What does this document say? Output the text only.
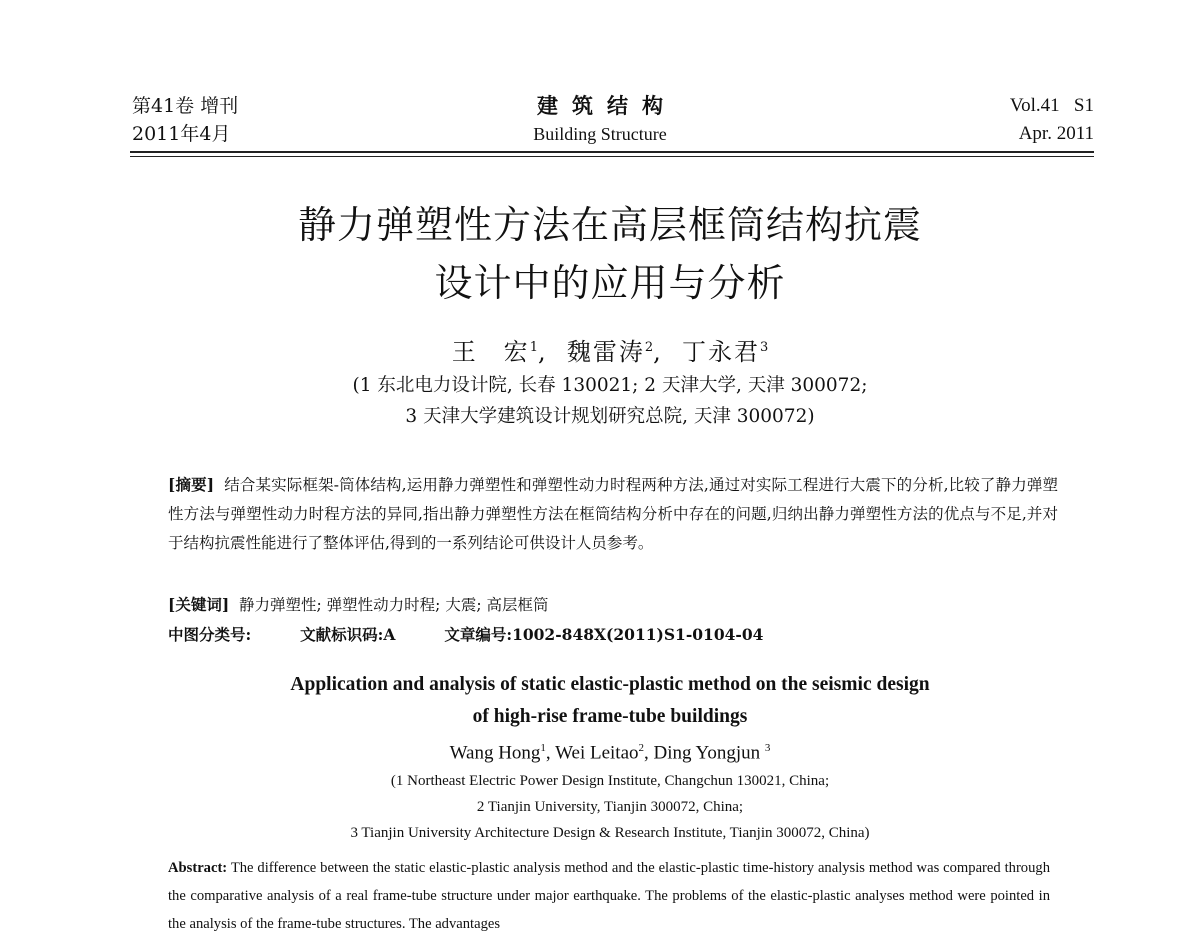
第41卷 增刊
2011年4月
建筑结构
Building Structure
Vol.41   S1
Apr. 2011
静力弹塑性方法在高层框筒结构抗震
设计中的应用与分析
王　宏$^1$,  魏雷涛$^2$,  丁永君$^3$
(1 东北电力设计院, 长春 130021; 2 天津大学, 天津 300072;
3 天津大学建筑设计规划研究总院, 天津 300072)
[摘要] 结合某实际框架-筒体结构,运用静力弹塑性和弹塑性动力时程两种方法,通过对实际工程进行大震下的分析,比较了静力弹塑性方法与弹塑性动力时程方法的异同,指出静力弹塑性方法在框筒结构分析中存在的问题,归纳出静力弹塑性方法的优点与不足,并对于结构抗震性能进行了整体评估,得到的一系列结论可供设计人员参考。
[关键词] 静力弹塑性; 弹塑性动力时程; 大震; 高层框筒
中图分类号:	文献标识码:A	文章编号:1002-848X(2011)S1-0104-04
Application and analysis of static elastic-plastic method on the seismic design
of high-rise frame-tube buildings
Wang Hong$^1$, Wei Leitao$^2$, Ding Yongjun $^3$
(1 Northeast Electric Power Design Institute, Changchun 130021, China;
2 Tianjin University, Tianjin 300072, China;
3 Tianjin University Architecture Design & Research Institute, Tianjin 300072, China)
Abstract: The difference between the static elastic-plastic analysis method and the elastic-plastic time-history analysis method was compared through the comparative analysis of a real frame-tube structure under major earthquake. The problems of the elastic-plastic analyses method were pointed in the analysis of the frame-tube structures. The advantages
